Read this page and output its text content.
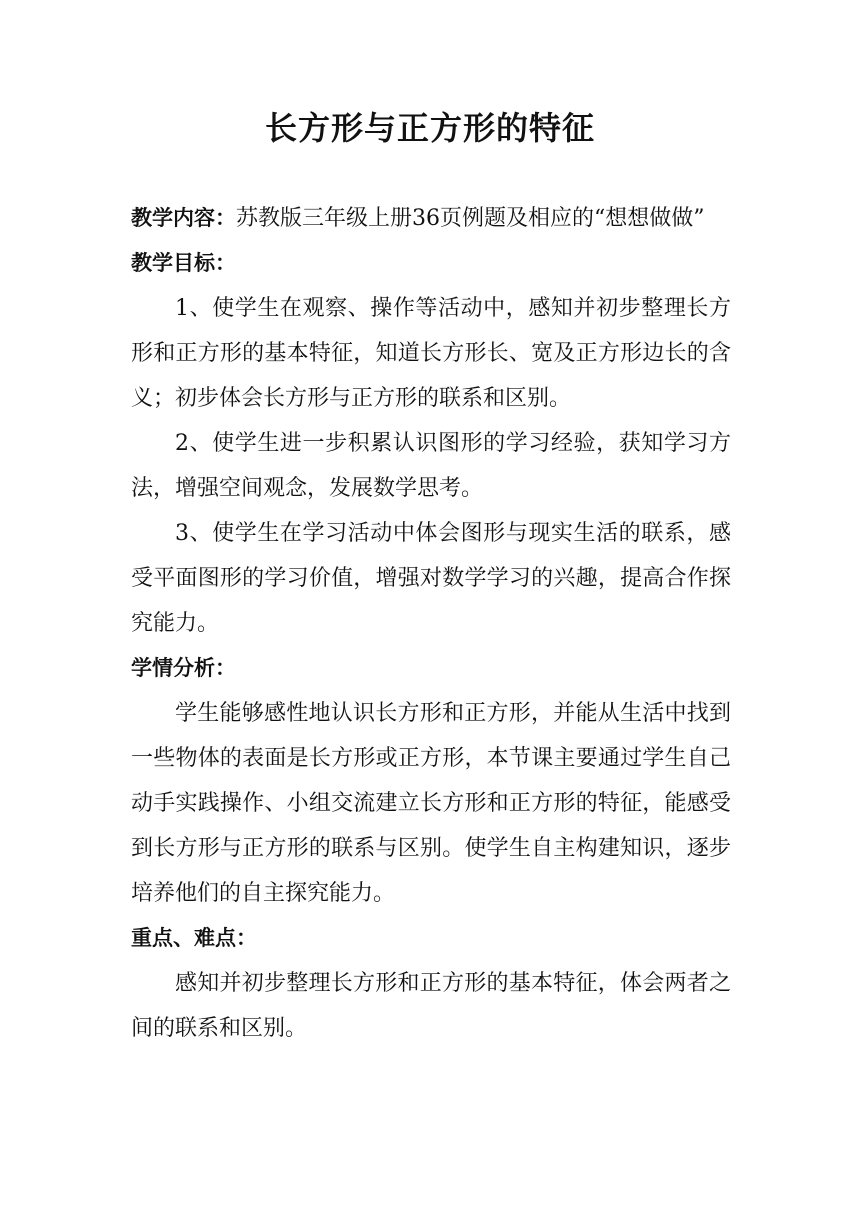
长方形与正方形的特征
教学内容： 苏教版三年级上册36页例题及相应的“想想做做”

教学目标：

1、使学生在观察、操作等活动中，感知并初步整理长方形和正方形的基本特征，知道长方形长、宽及正方形边长的含义；初步体会长方形与正方形的联系和区别。

2、使学生进一步积累认识图形的学习经验，获知学习方法，增强空间观念，发展数学思考。

3、使学生在学习活动中体会图形与现实生活的联系，感受平面图形的学习价值，增强对数学学习的兴趣，提高合作探究能力。

学情分析：

学生能够感性地认识长方形和正方形，并能从生活中找到一些物体的表面是长方形或正方形，本节课主要通过学生自己动手实践操作、小组交流建立长方形和正方形的特征，能感受到长方形与正方形的联系与区别。使学生自主构建知识，逐步培养他们的自主探究能力。

重点、难点：

感知并初步整理长方形和正方形的基本特征，体会两者之间的联系和区别。
